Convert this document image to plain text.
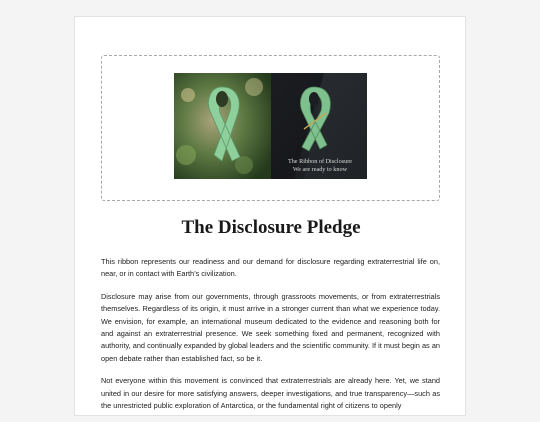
The Ribbon of Disclosure
We are ready to know
The Disclosure Pledge

This ribbon represents our readiness and our demand for disclosure regarding extraterrestrial life on, near, or in contact with Earth’s civilization.

Disclosure may arise from our governments, through grassroots movements, or from extraterrestrials themselves. Regardless of its origin, it must arrive in a stronger current than what we experience today. We envision, for example, an international museum dedicated to the evidence and reasoning both for and against an extraterrestrial presence. We seek something fixed and permanent, recognized with authority, and continually expanded by global leaders and the scientific community. If it must begin as an open debate rather than established fact, so be it.

Not everyone within this movement is convinced that extraterrestrials are already here. Yet, we stand united in our desire for more satisfying answers, deeper investigations, and true transparency—such as the unrestricted public exploration of Antarctica, or the fundamental right of citizens to openly
